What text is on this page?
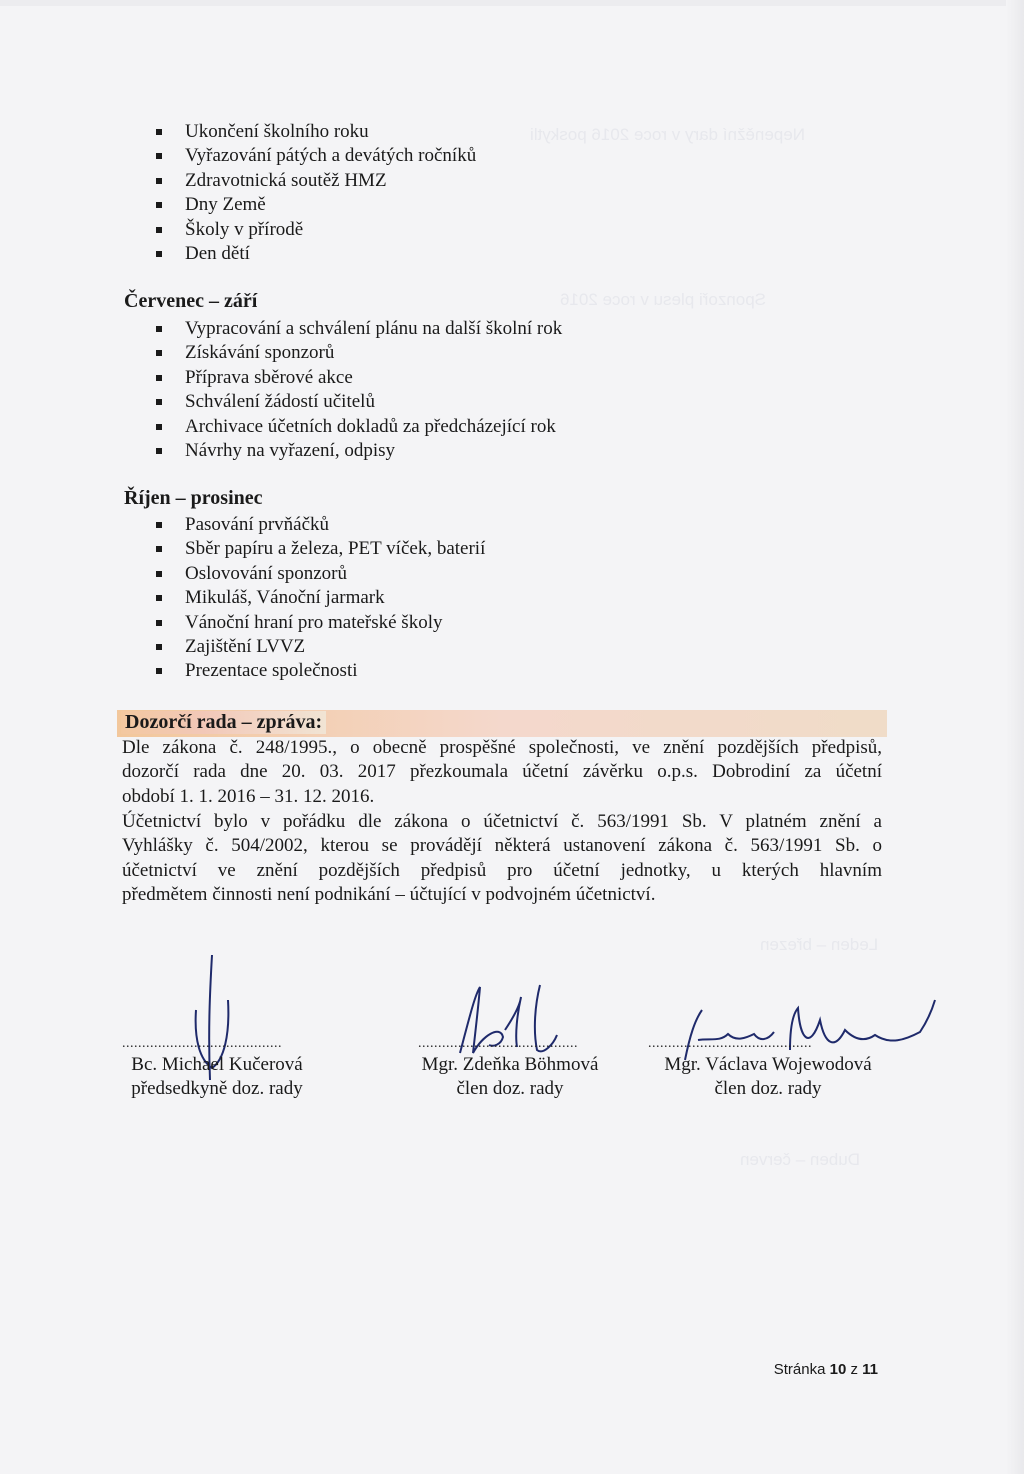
Nepeněžní dary v roce 2016 poskytli
Sponzoři plesu v roce 2016
Leden – březen
Duben – červen
Ukončení školního roku
Vyřazování pátých a devátých ročníků
Zdravotnická soutěž HMZ
Dny Země
Školy v přírodě
Den dětí
Červenec – září
Vypracování a schválení plánu na další školní rok
Získávání sponzorů
Příprava sběrové akce
Schválení žádostí učitelů
Archivace účetních dokladů za předcházející rok
Návrhy na vyřazení, odpisy
Říjen – prosinec
Pasování prvňáčků
Sběr papíru a železa, PET víček, baterií
Oslovování sponzorů
Mikuláš, Vánoční jarmark
Vánoční hraní pro mateřské školy
Zajištění LVVZ
Prezentace společnosti
Dozorčí rada – zpráva:
Dle zákona č. 248/1995., o obecně prospěšné společnosti, ve znění pozdějších předpisů,
dozorčí rada dne 20. 03. 2017 přezkoumala účetní závěrku o.p.s. Dobrodiní za účetní
období 1. 1. 2016 – 31. 12. 2016.
Účetnictví bylo v pořádku dle zákona o účetnictví č. 563/1991 Sb. V platném znění a
Vyhlášky č. 504/2002, kterou se provádějí některá ustanovení zákona č. 563/1991 Sb. o
účetnictví ve znění pozdějších předpisů pro účetní jednotky, u kterých hlavním
předmětem činnosti není podnikání – účtující v podvojném účetnictví.
........................................
Bc. Michael Kučerová
předsedkyně doz. rady
........................................
Mgr. Zdeňka Böhmová
člen doz. rady
.........................................
Mgr. Václava Wojewodová
člen doz. rady
Stránka 10 z 11
